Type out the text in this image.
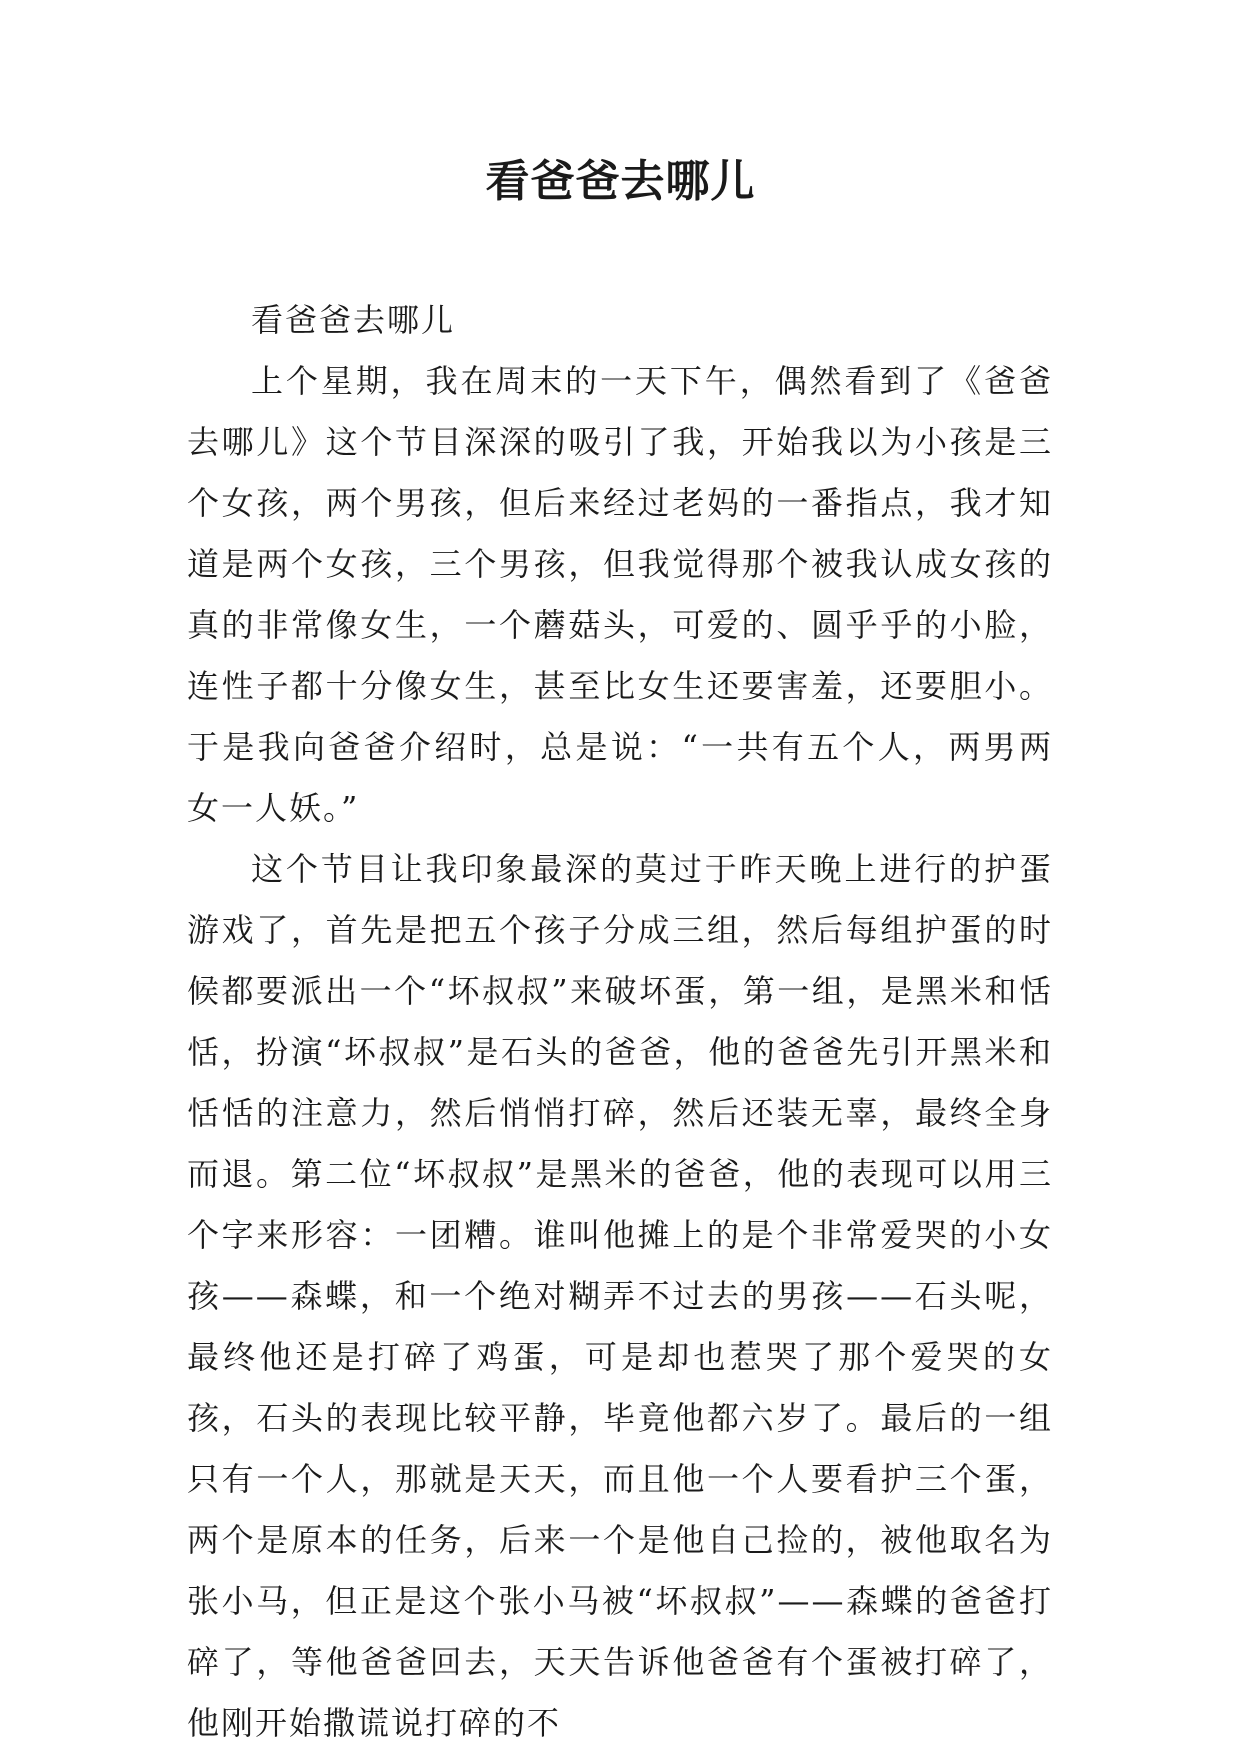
看爸爸去哪儿

看爸爸去哪儿

上个星期，我在周末的一天下午，偶然看到了《爸爸去哪儿》这个节目深深的吸引了我，开始我以为小孩是三个女孩，两个男孩，但后来经过老妈的一番指点，我才知道是两个女孩，三个男孩，但我觉得那个被我认成女孩的真的非常像女生，一个蘑菇头，可爱的、圆乎乎的小脸，连性子都十分像女生，甚至比女生还要害羞，还要胆小。于是我向爸爸介绍时，总是说：“一共有五个人，两男两女一人妖。”

这个节目让我印象最深的莫过于昨天晚上进行的护蛋游戏了，首先是把五个孩子分成三组，然后每组护蛋的时候都要派出一个“坏叔叔”来破坏蛋，第一组，是黑米和恬恬，扮演“坏叔叔”是石头的爸爸，他的爸爸先引开黑米和恬恬的注意力，然后悄悄打碎，然后还装无辜，最终全身而退。第二位“坏叔叔”是黑米的爸爸，他的表现可以用三个字来形容：一团糟。谁叫他摊上的是个非常爱哭的小女孩——森蝶，和一个绝对糊弄不过去的男孩——石头呢，最终他还是打碎了鸡蛋，可是却也惹哭了那个爱哭的女孩，石头的表现比较平静，毕竟他都六岁了。最后的一组只有一个人，那就是天天，而且他一个人要看护三个蛋，两个是原本的任务，后来一个是他自己捡的，被他取名为张小马，但正是这个张小马被“坏叔叔”——森蝶的爸爸打碎了，等他爸爸回去，天天告诉他爸爸有个蛋被打碎了，他刚开始撒谎说打碎的不
